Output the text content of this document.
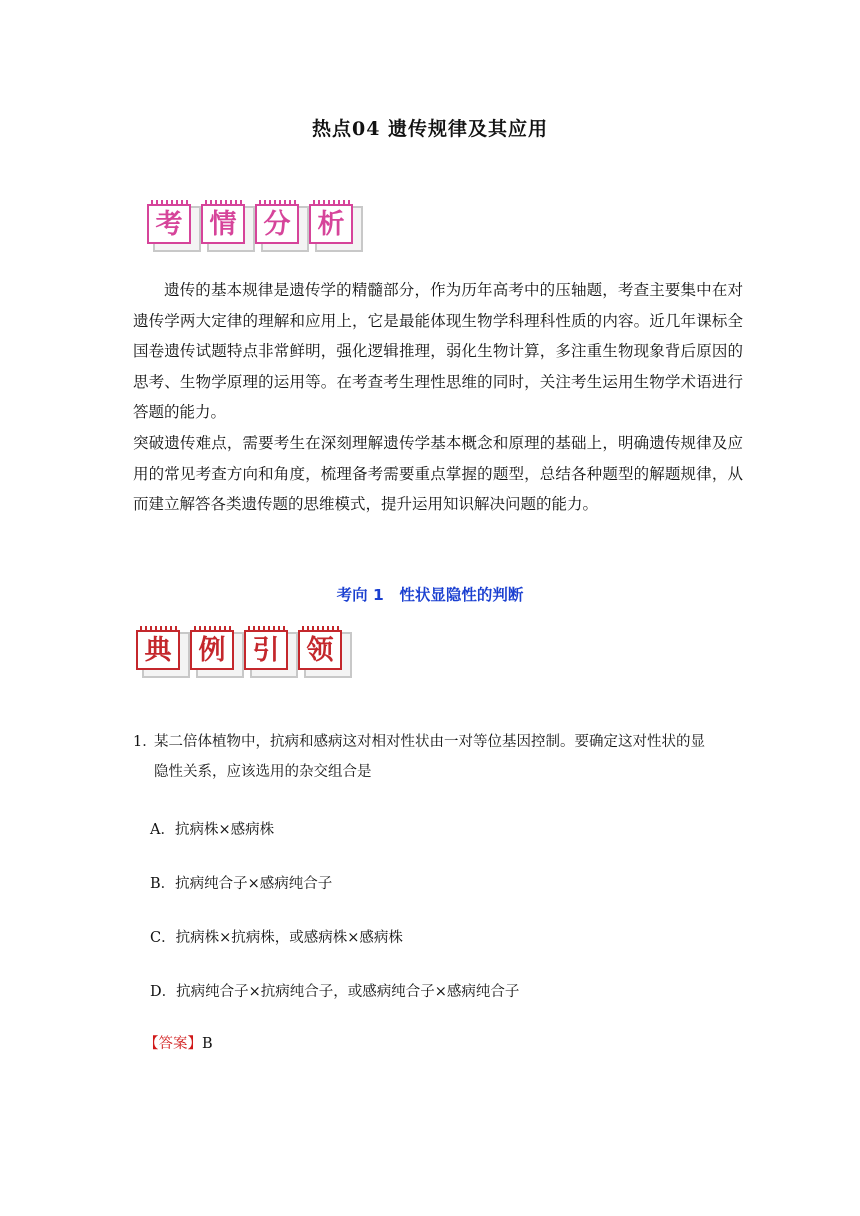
热点04 遗传规律及其应用
考	情	分	析

遗传的基本规律是遗传学的精髓部分，作为历年高考中的压轴题，考查主要集中在对遗传学两大定律的理解和应用上，它是最能体现生物学科理科性质的内容。近几年课标全国卷遗传试题特点非常鲜明，强化逻辑推理，弱化生物计算，多注重生物现象背后原因的思考、生物学原理的运用等。在考查考生理性思维的同时，关注考生运用生物学术语进行答题的能力。

突破遗传难点，需要考生在深刻理解遗传学基本概念和原理的基础上，明确遗传规律及应用的常见考查方向和角度，梳理备考需要重点掌握的题型，总结各种题型的解题规律，从而建立解答各类遗传题的思维模式，提升运用知识解决问题的能力。

考向 1　性状显隐性的判断
典	例	引	领
1．某二倍体植物中，抗病和感病这对相对性状由一对等位基因控制。要确定这对性状的显
隐性关系，应该选用的杂交组合是
A．抗病株×感病株
B．抗病纯合子×感病纯合子
C．抗病株×抗病株，或感病株×感病株
D．抗病纯合子×抗病纯合子，或感病纯合子×感病纯合子
【答案】B
